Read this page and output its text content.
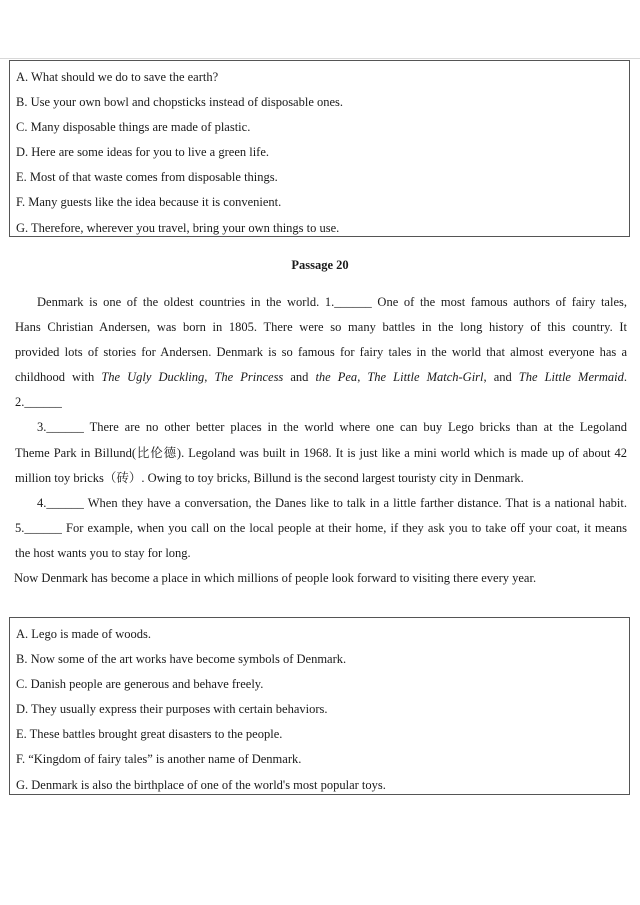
A. What should we do to save the earth?
B. Use your own bowl and chopsticks instead of disposable ones.
C. Many disposable things are made of plastic.
D. Here are some ideas for you to live a green life.
E. Most of that waste comes from disposable things.
F. Many guests like the idea because it is convenient.
G. Therefore, wherever you travel, bring your own things to use.
Passage 20
Denmark is one of the oldest countries in the world. 1.______ One of the most famous authors of fairy tales,
Hans Christian Andersen, was born in 1805. There were so many battles in the long history of this country. It
provided lots of stories for Andersen. Denmark is so famous for fairy tales in the world that almost everyone has a
childhood with The Ugly Duckling, The Princess and the Pea, The Little Match-Girl, and The Little Mermaid.
2.______
3.______ There are no other better places in the world where one can buy Lego bricks than at the Legoland
Theme Park in Billund(比伦德). Legoland was built in 1968. It is just like a mini world which is made up of about 42
million toy bricks（砖）. Owing to toy bricks, Billund is the second largest touristy city in Denmark.
4.______ When they have a conversation, the Danes like to talk in a little farther distance. That is a national habit.
5.______ For example, when you call on the local people at their home, if they ask you to take off your coat, it means
the host wants you to stay for long.
Now Denmark has become a place in which millions of people look forward to visiting there every year.
A. Lego is made of woods.
B. Now some of the art works have become symbols of Denmark.
C. Danish people are generous and behave freely.
D. They usually express their purposes with certain behaviors.
E. These battles brought great disasters to the people.
F. “Kingdom of fairy tales” is another name of Denmark.
G. Denmark is also the birthplace of one of the world's most popular toys.
